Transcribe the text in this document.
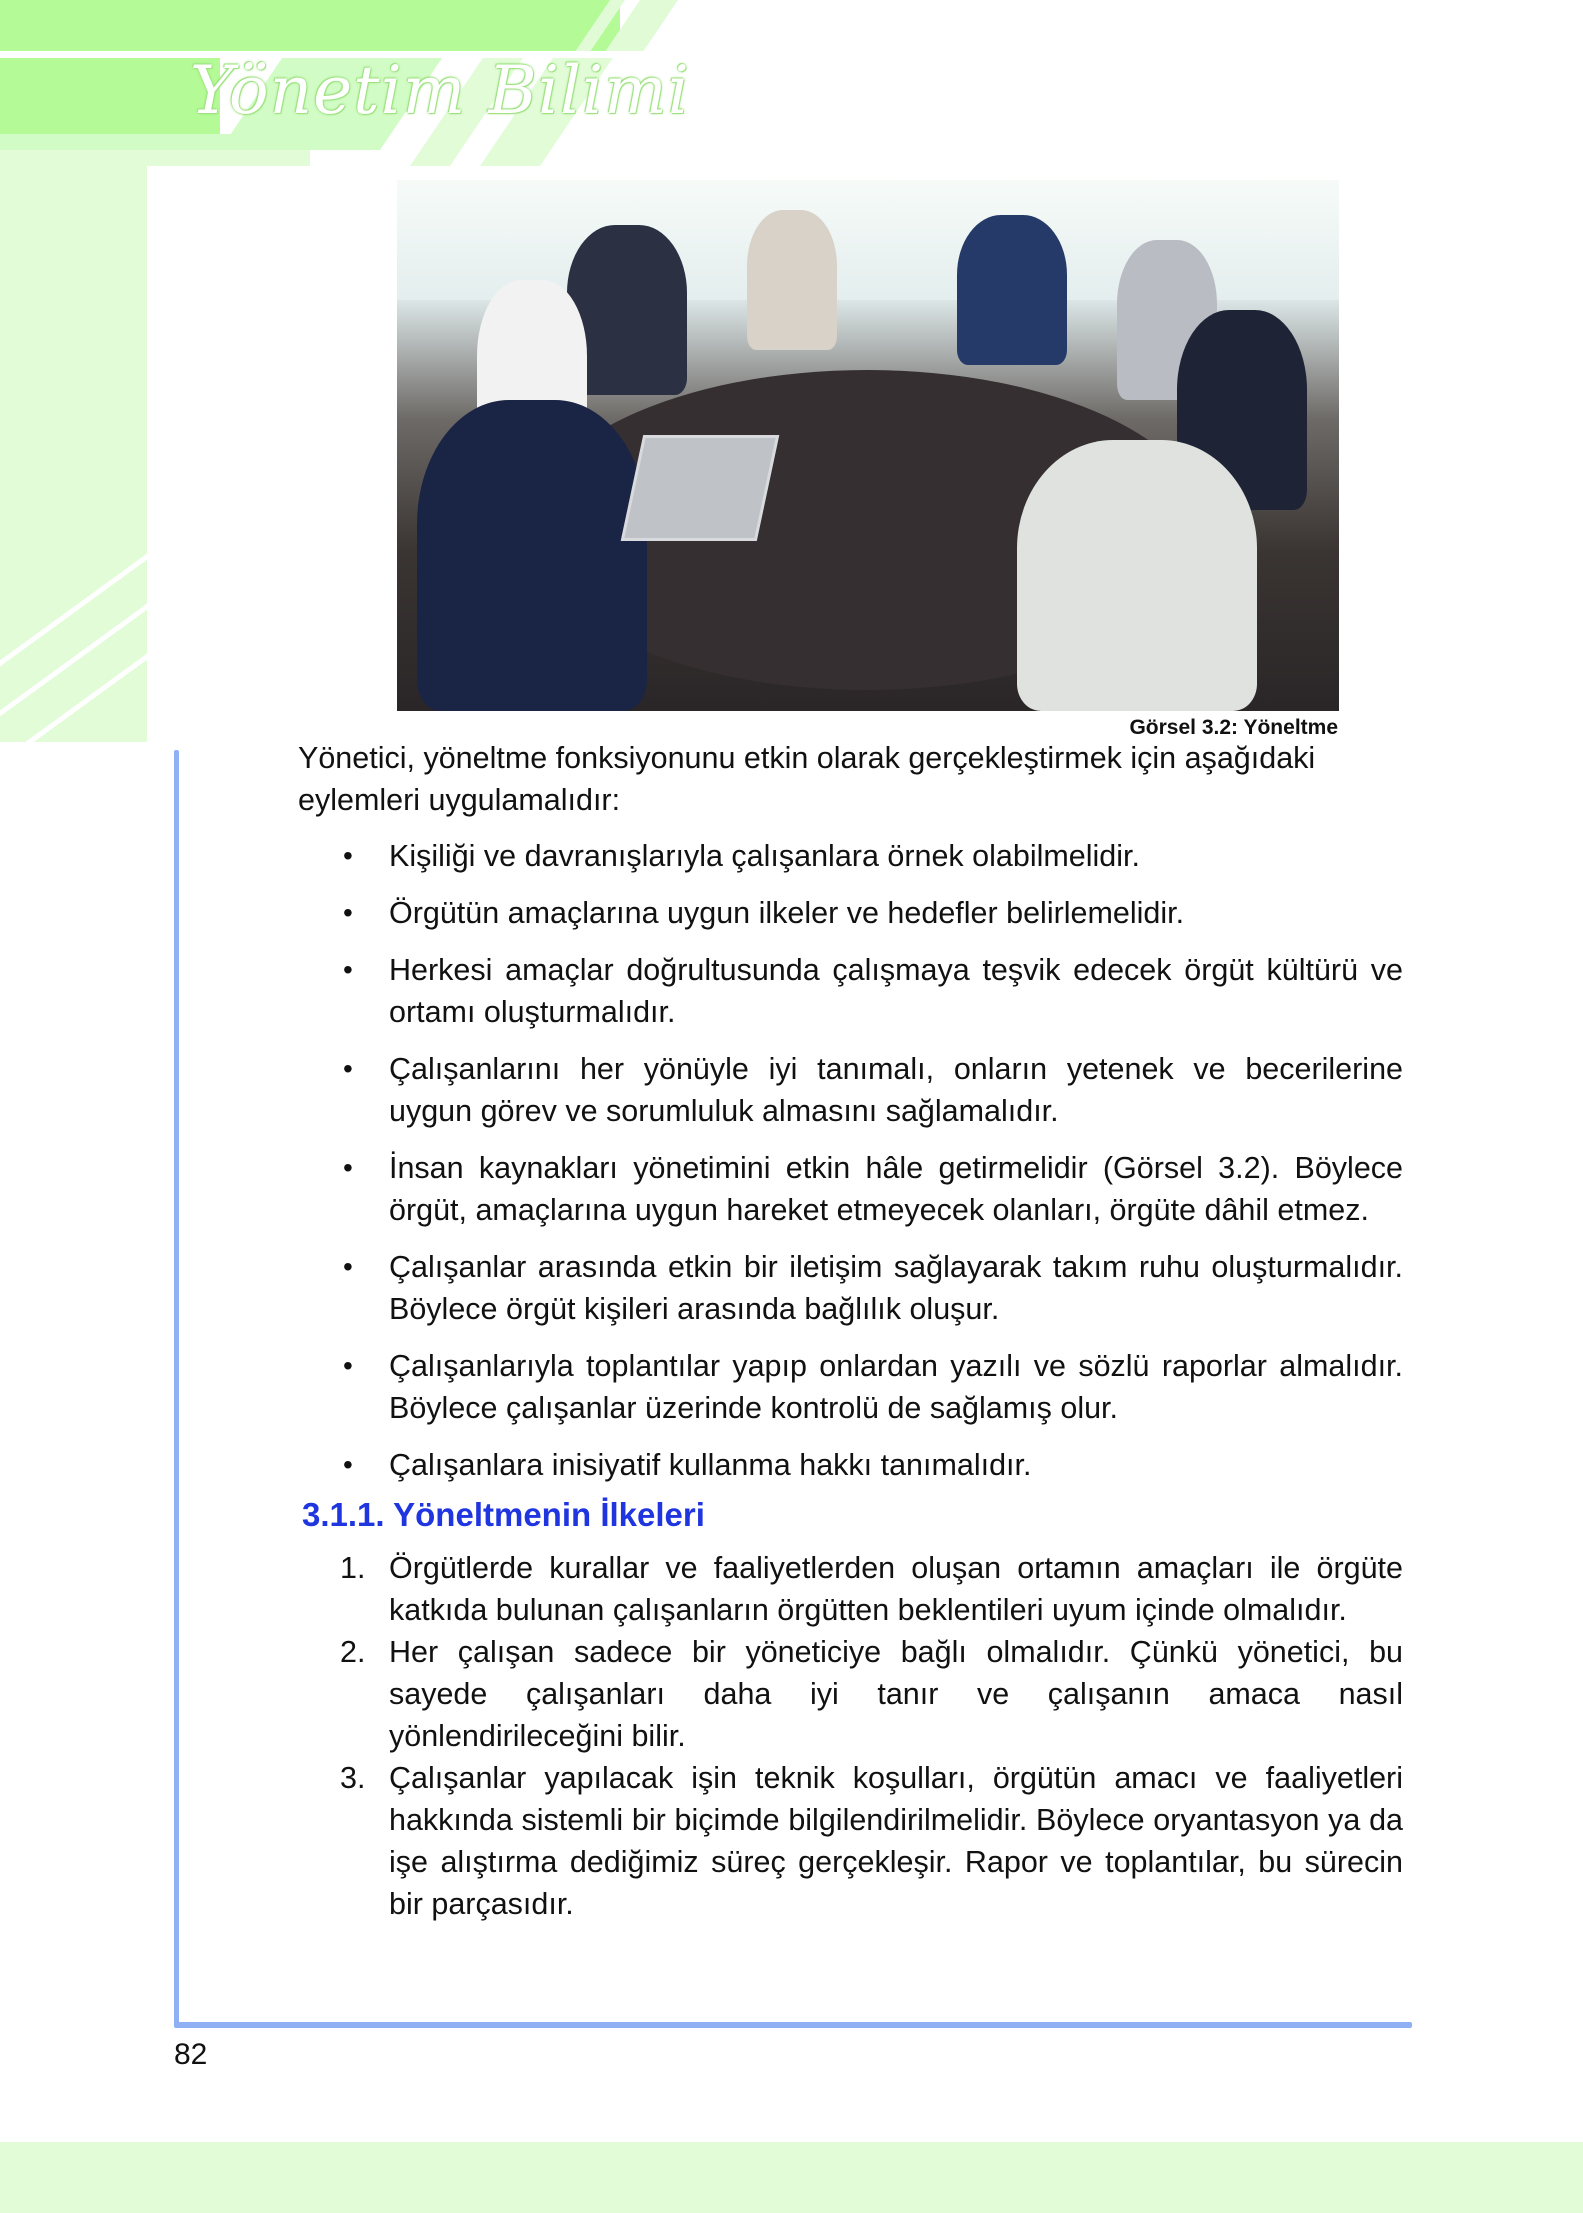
Yönetim Bilimi
Görsel 3.2: Yöneltme

Yönetici, yöneltme fonksiyonunu etkin olarak gerçekleştirmek için aşağıdaki eylemleri uygulamalıdır:

• Kişiliği ve davranışlarıyla çalışanlara örnek olabilmelidir.
• Örgütün amaçlarına uygun ilkeler ve hedefler belirlemelidir.
• Herkesi amaçlar doğrultusunda çalışmaya teşvik edecek örgüt kültürü ve ortamı oluşturmalıdır.
• Çalışanlarını her yönüyle iyi tanımalı, onların yetenek ve becerilerine uygun görev ve sorumluluk almasını sağlamalıdır.
• İnsan kaynakları yönetimini etkin hâle getirmelidir (Görsel 3.2). Böylece örgüt, amaçlarına uygun hareket etmeyecek olanları, örgüte dâhil etmez.
• Çalışanlar arasında etkin bir iletişim sağlayarak takım ruhu oluşturmalıdır. Böylece örgüt kişileri arasında bağlılık oluşur.
• Çalışanlarıyla toplantılar yapıp onlardan yazılı ve sözlü raporlar almalıdır. Böylece çalışanlar üzerinde kontrolü de sağlamış olur.
• Çalışanlara inisiyatif kullanma hakkı tanımalıdır.
3.1.1. Yöneltmenin İlkeleri
1. Örgütlerde kurallar ve faaliyetlerden oluşan ortamın amaçları ile örgüte katkıda bulunan çalışanların örgütten beklentileri uyum içinde olmalıdır.
2. Her çalışan sadece bir yöneticiye bağlı olmalıdır. Çünkü yönetici, bu sayede çalışanları daha iyi tanır ve çalışanın amaca nasıl yönlendirileceğini bilir.
3. Çalışanlar yapılacak işin teknik koşulları, örgütün amacı ve faaliyetleri hakkında sistemli bir biçimde bilgilendirilmelidir. Böylece oryantasyon ya da işe alıştırma dediğimiz süreç gerçekleşir. Rapor ve toplantılar, bu sürecin bir parçasıdır.
82
